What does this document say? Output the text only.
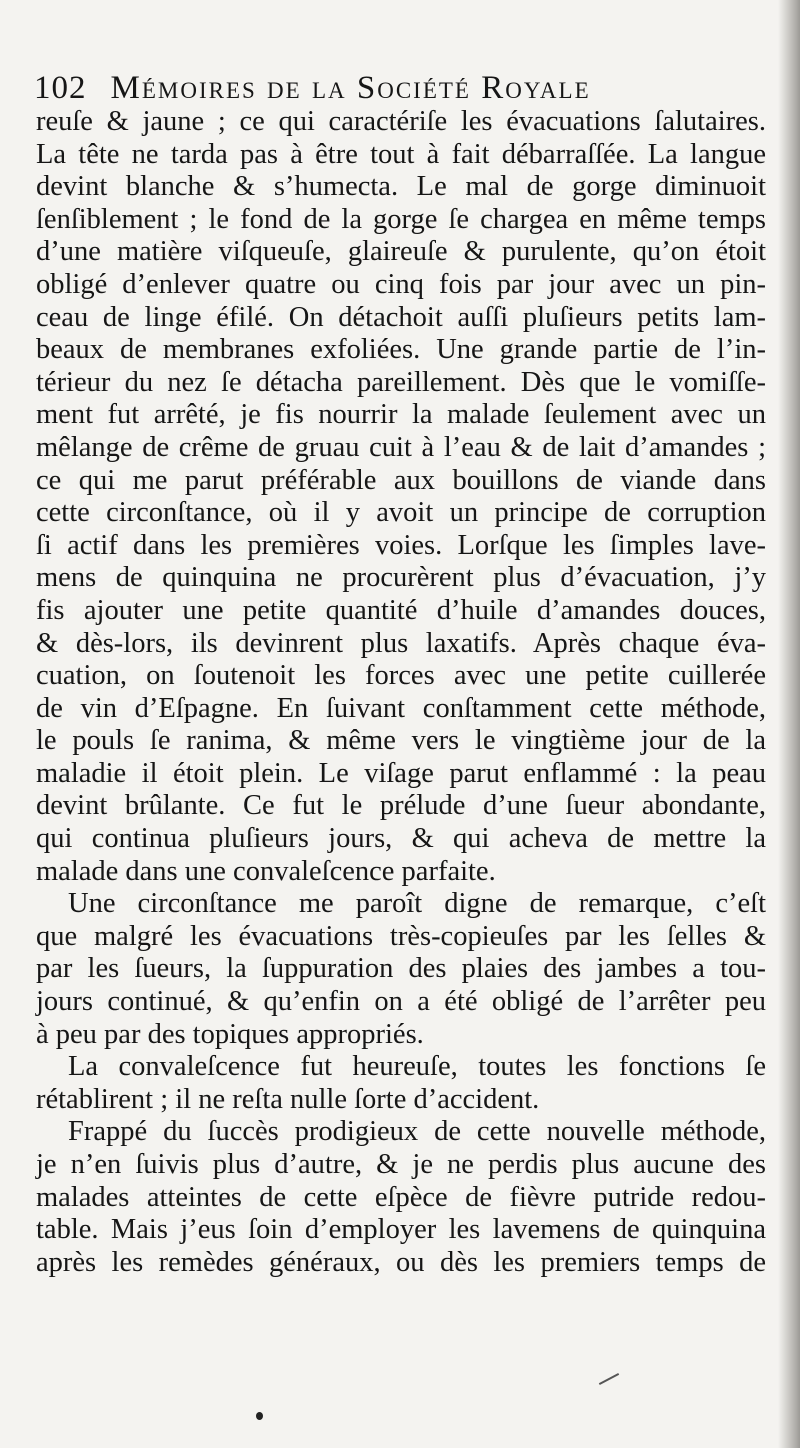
102 Mémoires de la Société Royale
reuſe & jaune ; ce qui caractériſe les évacuations ſalutaires.
La tête ne tarda pas à être tout à fait débarraſſée. La langue
devint blanche & s’humecta. Le mal de gorge diminuoit
ſenſiblement ; le fond de la gorge ſe chargea en même temps
d’une matière viſqueuſe, glaireuſe & purulente, qu’on étoit
obligé d’enlever quatre ou cinq fois par jour avec un pin-
ceau de linge éfilé. On détachoit auſſi pluſieurs petits lam-
beaux de membranes exfoliées. Une grande partie de l’in-
térieur du nez ſe détacha pareillement. Dès que le vomiſſe-
ment fut arrêté, je fis nourrir la malade ſeulement avec un
mêlange de crême de gruau cuit à l’eau & de lait d’amandes ;
ce qui me parut préférable aux bouillons de viande dans
cette circonſtance, où il y avoit un principe de corruption
ſi actif dans les premières voies. Lorſque les ſimples lave-
mens de quinquina ne procurèrent plus d’évacuation, j’y
fis ajouter une petite quantité d’huile d’amandes douces,
& dès-lors, ils devinrent plus laxatifs. Après chaque éva-
cuation, on ſoutenoit les forces avec une petite cuillerée
de vin d’Eſpagne. En ſuivant conſtamment cette méthode,
le pouls ſe ranima, & même vers le vingtième jour de la
maladie il étoit plein. Le viſage parut enflammé : la peau
devint brûlante. Ce fut le prélude d’une ſueur abondante,
qui continua pluſieurs jours, & qui acheva de mettre la
malade dans une convaleſcence parfaite.
Une circonſtance me paroît digne de remarque, c’eſt
que malgré les évacuations très-copieuſes par les ſelles &
par les ſueurs, la ſuppuration des plaies des jambes a tou-
jours continué, & qu’enfin on a été obligé de l’arrêter peu
à peu par des topiques appropriés.
La convaleſcence fut heureuſe, toutes les fonctions ſe
rétablirent ; il ne reſta nulle ſorte d’accident.
Frappé du ſuccès prodigieux de cette nouvelle méthode,
je n’en ſuivis plus d’autre, & je ne perdis plus aucune des
malades atteintes de cette eſpèce de fièvre putride redou-
table. Mais j’eus ſoin d’employer les lavemens de quinquina
après les remèdes généraux, ou dès les premiers temps de
